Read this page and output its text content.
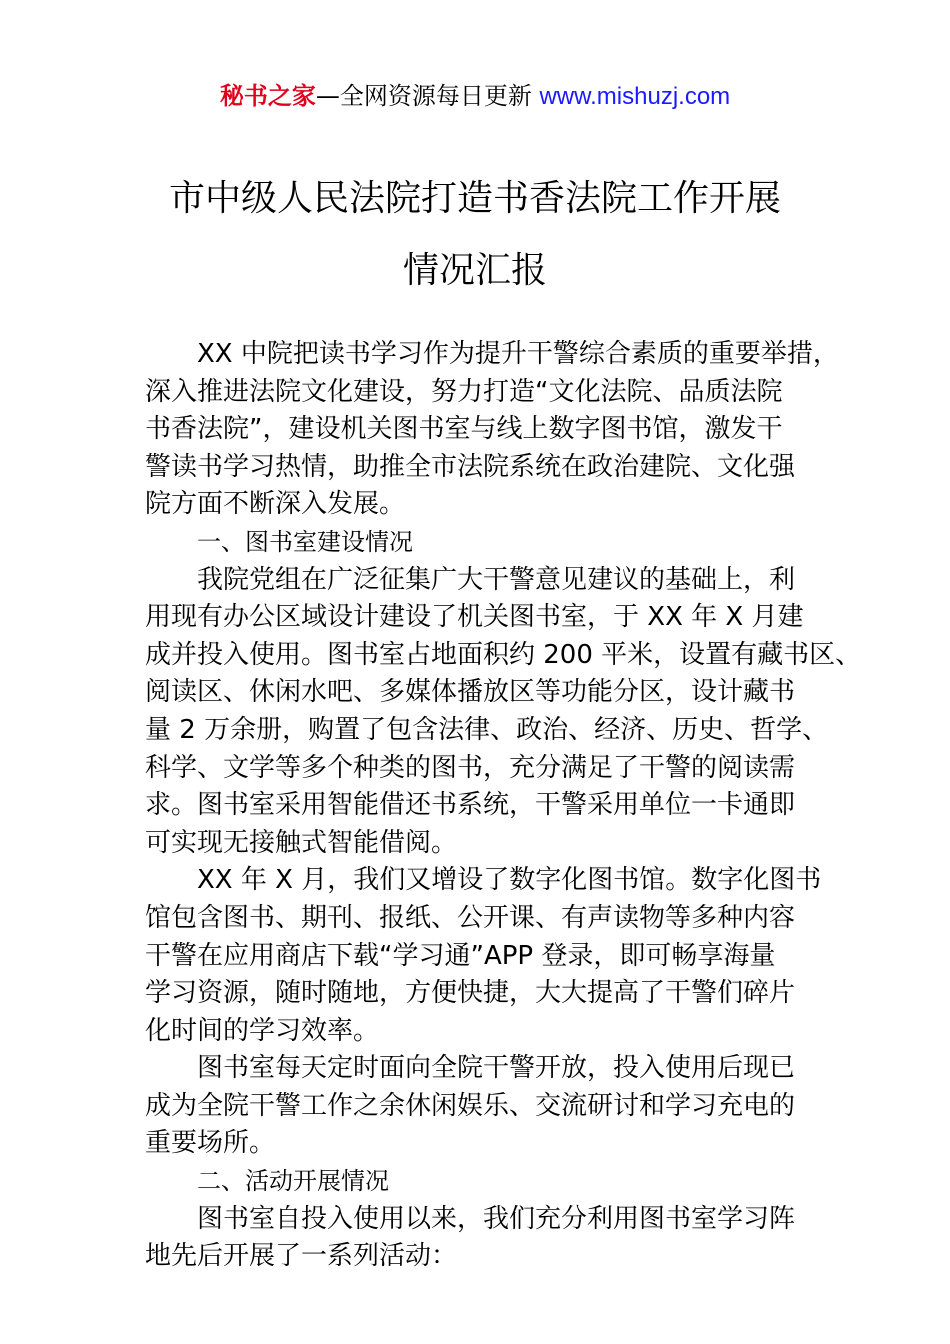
秘书之家—全网资源每日更新 www.mishuzj.com
市中级人民法院打造书香法院工作开展
情况汇报
XX 中院把读书学习作为提升干警综合素质的重要举措，
深入推进法院文化建设，努力打造“文化法院、品质法院
书香法院”，建设机关图书室与线上数字图书馆，激发干
警读书学习热情，助推全市法院系统在政治建院、文化强
院方面不断深入发展。
一、图书室建设情况
我院党组在广泛征集广大干警意见建议的基础上，利
用现有办公区域设计建设了机关图书室，于 XX 年 X 月建
成并投入使用。图书室占地面积约 200 平米，设置有藏书区、
阅读区、休闲水吧、多媒体播放区等功能分区，设计藏书
量 2 万余册，购置了包含法律、政治、经济、历史、哲学、
科学、文学等多个种类的图书，充分满足了干警的阅读需
求。图书室采用智能借还书系统，干警采用单位一卡通即
可实现无接触式智能借阅。
XX 年 X 月，我们又增设了数字化图书馆。数字化图书
馆包含图书、期刊、报纸、公开课、有声读物等多种内容
干警在应用商店下载“学习通”APP 登录，即可畅享海量
学习资源，随时随地，方便快捷，大大提高了干警们碎片
化时间的学习效率。
图书室每天定时面向全院干警开放，投入使用后现已
成为全院干警工作之余休闲娱乐、交流研讨和学习充电的
重要场所。
二、活动开展情况
图书室自投入使用以来，我们充分利用图书室学习阵
地先后开展了一系列活动：
